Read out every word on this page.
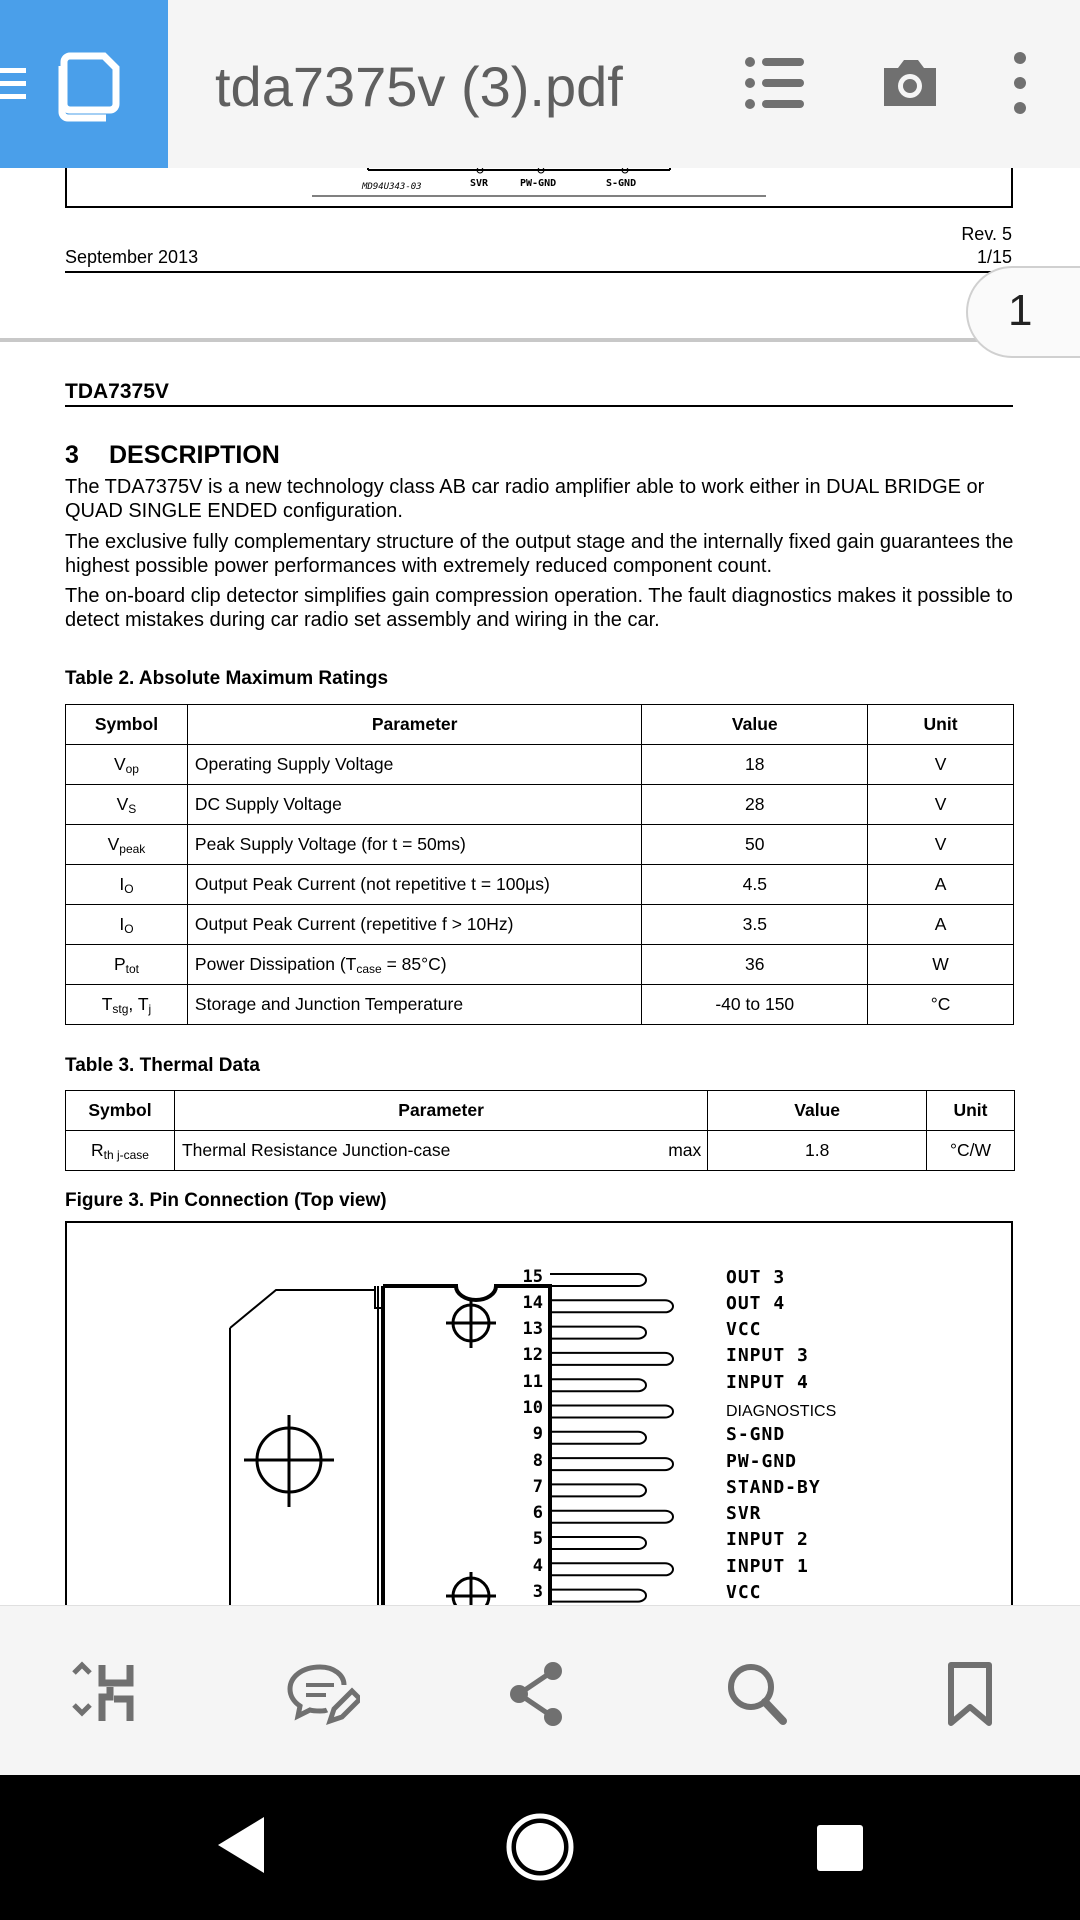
tda7375v (3).pdf
MD94U343-03	SVR	PW-GND	S-GND
Rev. 5
September 2013	1/15
1
TDA7375V
3 DESCRIPTION
The TDA7375V is a new technology class AB car radio amplifier able to work either in DUAL BRIDGE or QUAD SINGLE ENDED configuration.
The exclusive fully complementary structure of the output stage and the internally fixed gain guarantees the highest possible power performances with extremely reduced component count.
The on-board clip detector simplifies gain compression operation. The fault diagnostics makes it possible to detect mistakes during car radio set assembly and wiring in the car.
Table 2. Absolute Maximum Ratings
Symbol	Parameter	Value	Unit
$V_{op}$	Operating Supply Voltage	18	V
$V_S$	DC Supply Voltage	28	V
$V_{peak}$	Peak Supply Voltage (for t = 50ms)	50	V
$I_O$	Output Peak Current (not repetitive t = 100µs)	4.5	A
$I_O$	Output Peak Current (repetitive f > 10Hz)	3.5	A
$P_{tot}$	Power Dissipation $(T_{case} = 85^\circ C)$	36	W
$T_{stg}$, $T_j$	Storage and Junction Temperature	-40 to 150	°C
Table 3. Thermal Data
Symbol	Parameter	Value	Unit
$R_{th j-case}$	Thermal Resistance Junction-case max	1.8	°C/W
Figure 3. Pin Connection (Top view)
15	OUT 3
14	OUT 4
13	VCC
12	INPUT 3
11	INPUT 4
10	DIAGNOSTICS
9	S-GND
8	PW-GND
7	STAND-BY
6	SVR
5	INPUT 2
4	INPUT 1
3	VCC
